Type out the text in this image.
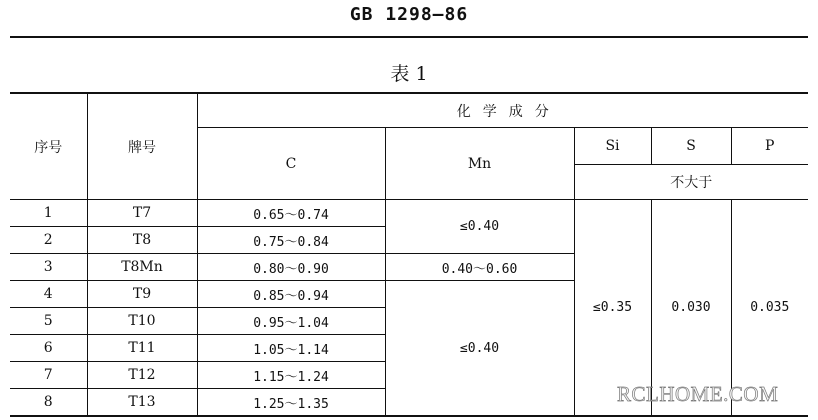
GB 1298—86
表 1
序号	牌号	化学成分				
		C	Mn	Si	S	P
				不大于		
1	T7	0.65～0.74	≤0.40	≤0.35	0.030	0.035
2	T8	0.75～0.84				
3	T8Mn	0.80～0.90	0.40～0.60			
4	T9	0.85～0.94	≤0.40			
5	T10	0.95～1.04				
6	T11	1.05～1.14				
7	T12	1.15～1.24				
8	T13	1.25～1.35					RCLHOME.COM
